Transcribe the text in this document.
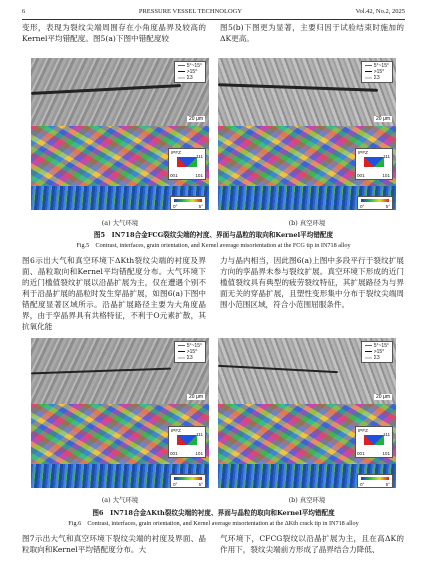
6	PRESSURE VESSEL TECHNOLOGY	Vol.42, No.2, 2025
变形，表现为裂纹尖端周围存在小角度晶界及较高的Kernel平均错配度。图5(a)下图中错配度较
图5(b)下图更为显著，主要归因于试验结束时施加的ΔK更高。
5°~15°
>15°
Σ3
20 μm
IPFZ
111
001	101
0°	5°
5°~15°
>15°
Σ3
20 μm
IPFZ
111
001	101
0°	5°
(a) 大气环境	(b) 真空环境
图5　IN718合金FCG裂纹尖端的衬度、界面与晶粒的取向和Kernel平均错配度
Fig.5　Contrast, interfaces, grain orientation, and Kernel average misorientation at the FCG tip in IN718 alloy
图6示出大气和真空环境下ΔKth裂纹尖端的衬度及界面、晶粒取向和Kernel平均错配度分布。大气环境下的近门槛值裂纹扩展以沿晶扩展为主，仅在遭遇个别不利于沿晶扩展的晶粒时发生穿晶扩展，如图6(a)下图中错配度显著区域所示。沿晶扩展路径主要为大角度晶界，由于孪晶界具有共格特征，不利于O元素扩散，其抗氧化能
力与晶内相当，因此图6(a)上图中多段平行于裂纹扩展方向的孪晶界未参与裂纹扩展。真空环境下形成的近门槛值裂纹具有典型的疲劳裂纹特征，其扩展路径为与界面无关的穿晶扩展，且塑性变形集中分布于裂纹尖端周围小范围区域，符合小范围屈服条件。
5°~15°
>15°
Σ3
20 μm
IPFZ
111
001	101
0°	5°
5°~15°
>15°
Σ3
20 μm
IPFZ
111
001	101
0°	5°
(a) 大气环境	(b) 真空环境
图6　IN718合金ΔKth裂纹尖端的衬度、界面与晶粒的取向和Kernel平均错配度
Fig.6　Contrast, interfaces, grain orientation, and Kernel average misorientation at the ΔKth crack tip in IN718 alloy
图7示出大气和真空环境下裂纹尖端的衬度及界面、晶粒取向和Kernel平均错配度分布。大
气环境下，CFCG裂纹以沿晶扩展为主，且在高ΔK的作用下，裂纹尖端前方形成了晶界结合力降低、
